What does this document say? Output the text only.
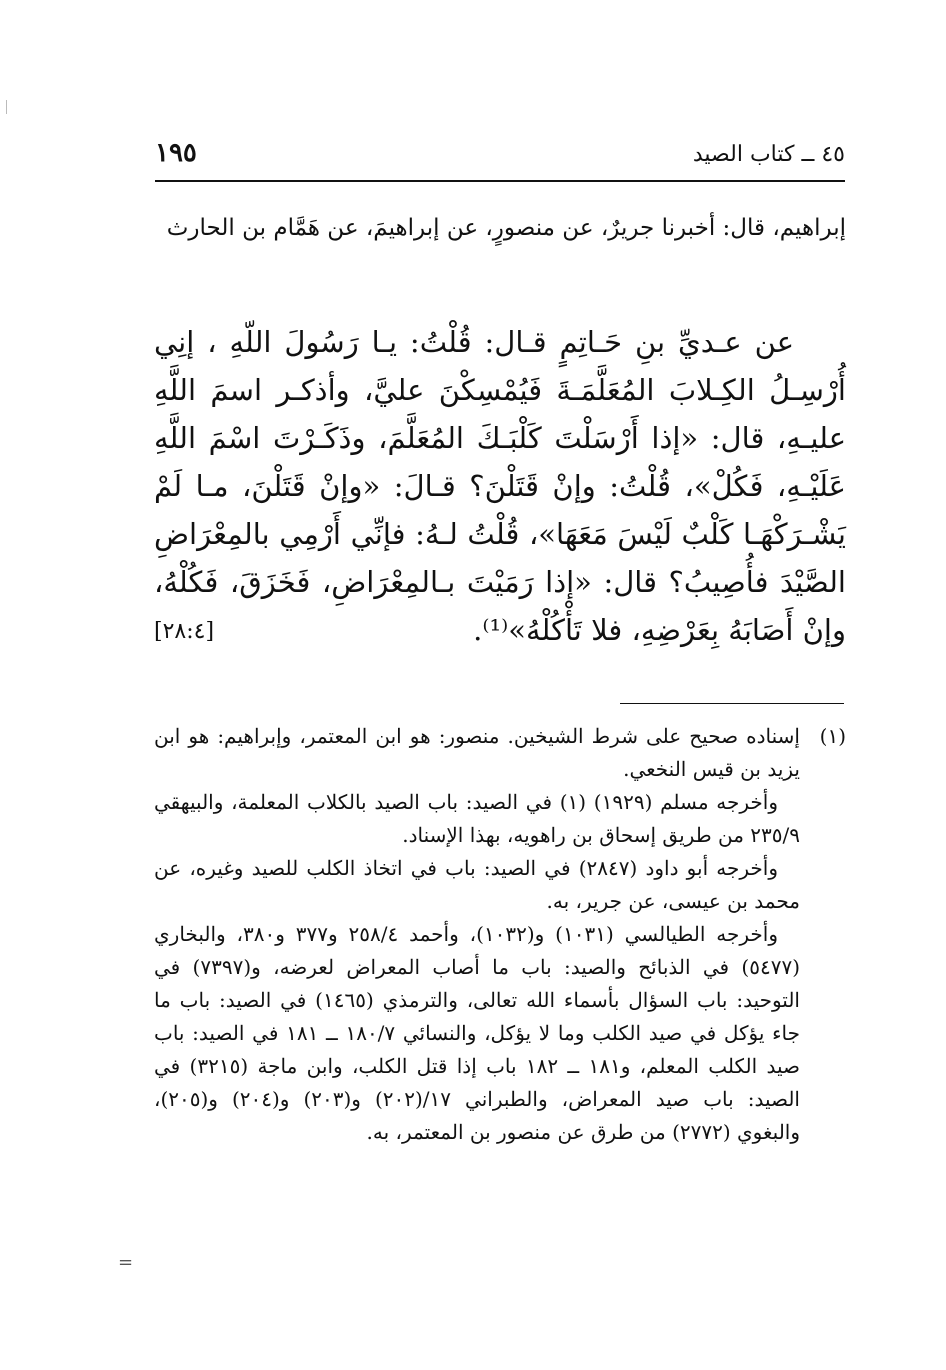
٤٥ ــ كتاب الصيد
١٩٥
إبراهيم، قال: أخبرنا جريرٌ، عن منصورٍ، عن إبراهيمَ، عن هَمَّام بن الحارث
عن عـديِّ بنِ حَـاتِمٍ قـال: قُلْتُ: يـا رَسُولَ اللّهِ ، إنِي أُرْسِـلُ الكِـلابَ المُعَلَّمَـةَ فَيُمْسِكْنَ عليَّ، وأذكـر اسمَ اللَّهِ عليـهِ، قال: «إذا أَرْسَلْتَ كَلْبَـكَ المُعَلَّمَ، وذَكَـرْتَ اسْمَ اللَّهِ عَلَيْـهِ، فَكُلْ»، قُلْتُ: وإنْ قَتَلْنَ؟ قـالَ: «وإنْ قَتَلْنَ، مـا لَمْ يَشْـرَكْهَـا كَلْبٌ لَيْسَ مَعَهَا»، قُلْتُ لـهُ: فإنِّي أَرْمِي بالمِعْرَاضِ الصَّيْدَ فأُصِيبُ؟ قال: «إذا رَمَيْتَ بـالمِعْرَاضِ، فَخَزَقَ، فَكُلْهُ، وإنْ أَصَابَهُ بِعَرْضِهِ، فلا تَأْكُلْهُ»⁽¹⁾.
[٢٨:٤]

(١)إسناده صحيح على شرط الشيخين. منصور: هو ابن المعتمر، وإبراهيم: هو ابن يزيد بن قيس النخعي.

وأخرجه مسلم (١٩٢٩) (١) في الصيد: باب الصيد بالكلاب المعلمة، والبيهقي ٢٣٥/٩ من طريق إسحاق بن راهويه، بهذا الإسناد.

وأخرجه أبو داود (٢٨٤٧) في الصيد: باب في اتخاذ الكلب للصيد وغيره، عن محمد بن عيسى، عن جرير، به.

وأخرجه الطيالسي (١٠٣١) و(١٠٣٢)، وأحمد ٢٥٨/٤ و٣٧٧ و٣٨٠، والبخاري (٥٤٧٧) في الذبائح والصيد: باب ما أصاب المعراض لعرضه، و(٧٣٩٧) في التوحيد: باب السؤال بأسماء الله تعالى، والترمذي (١٤٦٥) في الصيد: باب ما جاء يؤكل في صيد الكلب وما لا يؤكل، والنسائي ١٨٠/٧ ــ ١٨١ في الصيد: باب صيد الكلب المعلم، و١٨١ ــ ١٨٢ باب إذا قتل الكلب، وابن ماجة (٣٢١٥) في الصيد: باب صيد المعراض، والطبراني ١٧/(٢٠٢) و(٢٠٣) و(٢٠٤) و(٢٠٥)، والبغوي (٢٧٧٢) من طرق عن منصور بن المعتمر، به.

=
